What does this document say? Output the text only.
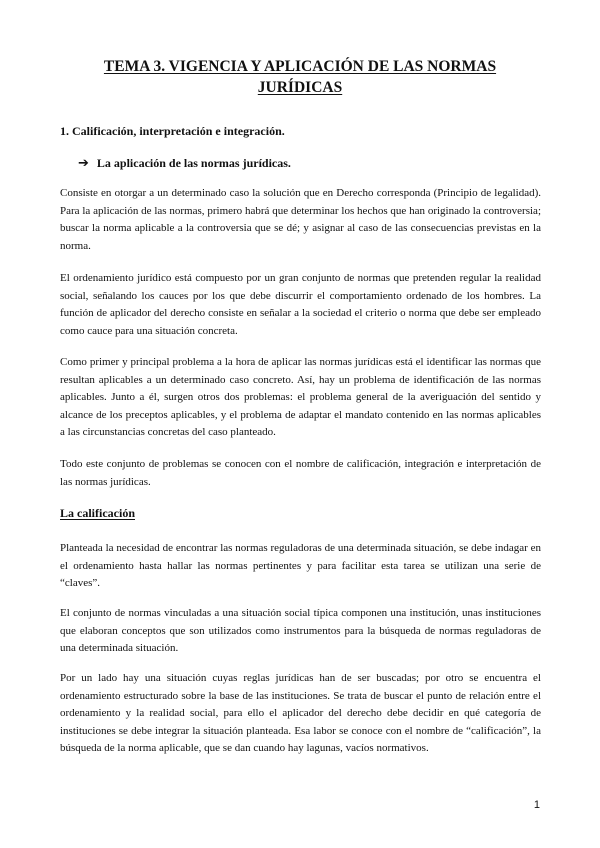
TEMA 3. VIGENCIA Y APLICACIÓN DE LAS NORMAS JURÍDICAS
1. Calificación, interpretación e integración.
➔ La aplicación de las normas jurídicas.

Consiste en otorgar a un determinado caso la solución que en Derecho corresponda (Principio de legalidad). Para la aplicación de las normas, primero habrá que determinar los hechos que han originado la controversia; buscar la norma aplicable a la controversia que se dé; y asignar al caso de las consecuencias previstas en la norma.

El ordenamiento jurídico está compuesto por un gran conjunto de normas que pretenden regular la realidad social, señalando los cauces por los que debe discurrir el comportamiento ordenado de los hombres. La función de aplicador del derecho consiste en señalar a la sociedad el criterio o norma que debe ser empleado como cauce para una situación concreta.

Como primer y principal problema a la hora de aplicar las normas jurídicas está el identificar las normas que resultan aplicables a un determinado caso concreto. Así, hay un problema de identificación de las normas aplicables. Junto a él, surgen otros dos problemas: el problema general de la averiguación del sentido y alcance de los preceptos aplicables, y el problema de adaptar el mandato contenido en las normas aplicables a las circunstancias concretas del caso planteado.

Todo este conjunto de problemas se conocen con el nombre de calificación, integración e interpretación de las normas jurídicas.

La calificación

Planteada la necesidad de encontrar las normas reguladoras de una determinada situación, se debe indagar en el ordenamiento hasta hallar las normas pertinentes y para facilitar esta tarea se utilizan una serie de “claves”.

El conjunto de normas vinculadas a una situación social típica componen una institución, unas instituciones que elaboran conceptos que son utilizados como instrumentos para la búsqueda de normas reguladoras de una determinada situación.

Por un lado hay una situación cuyas reglas jurídicas han de ser buscadas; por otro se encuentra el ordenamiento estructurado sobre la base de las instituciones. Se trata de buscar el punto de relación entre el ordenamiento y la realidad social, para ello el aplicador del derecho debe decidir en qué categoría de instituciones se debe integrar la situación planteada. Esa labor se conoce con el nombre de “calificación”, la búsqueda de la norma aplicable, que se dan cuando hay lagunas, vacíos normativos.

1
